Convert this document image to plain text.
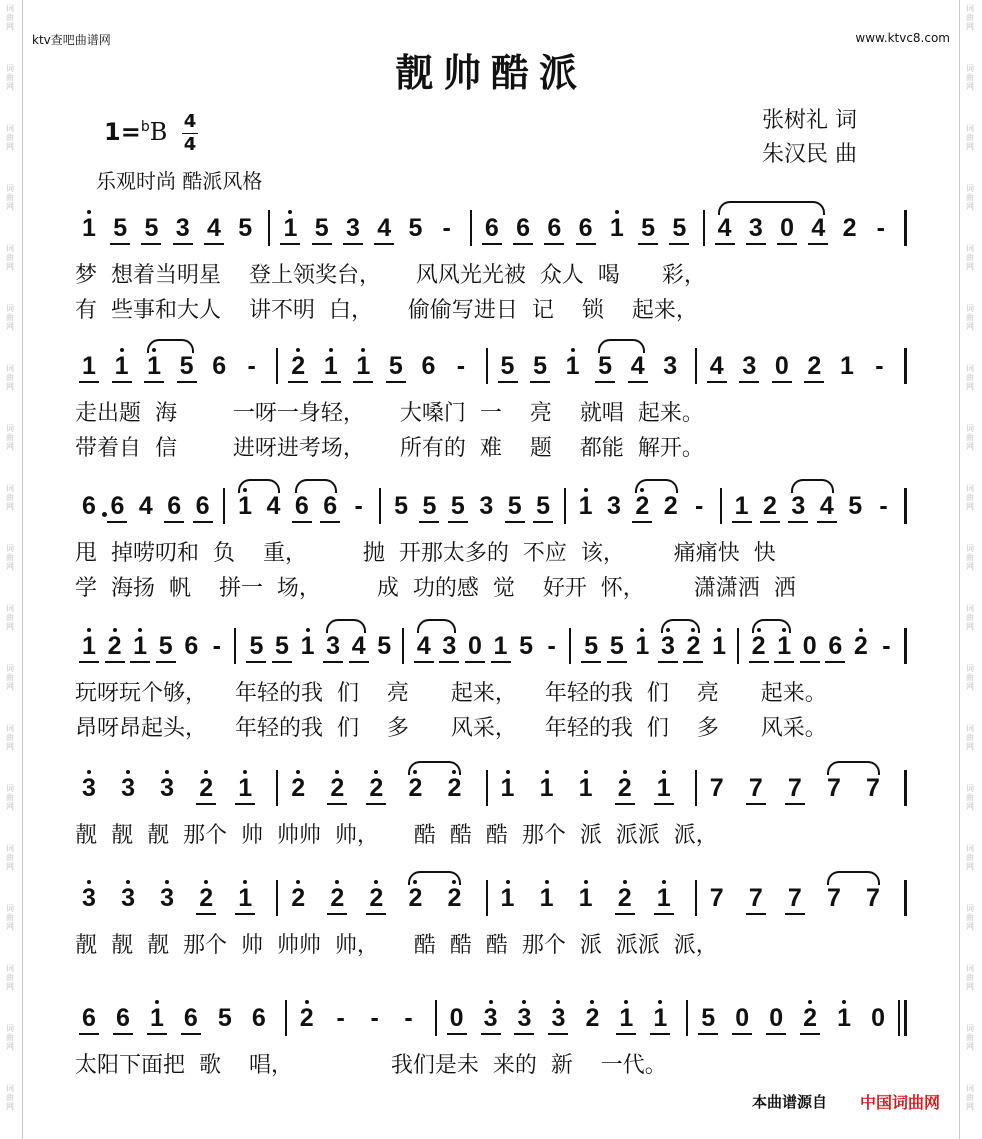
词
曲
网
词
曲
网
词
曲
网
词
曲
网
词
曲
网
词
曲
网
词
曲
网
词
曲
网
词
曲
网
词
曲
网
词
曲
网
词
曲
网
词
曲
网
词
曲
网
词
曲
网
词
曲
网
词
曲
网
词
曲
网
词
曲
网
词
曲
网
词
曲
网
词
曲
网
词
曲
网
词
曲
网
词
曲
网
词
曲
网
词
曲
网
词
曲
网
词
曲
网
词
曲
网
词
曲
网
词
曲
网
词
曲
网
词
曲
网
词
曲
网
词
曲
网
词
曲
网
词
曲
网
ktv查吧曲谱网	www.ktvc8.com
靓帅酷派
1=$^b$B 4
4
乐观时尚 酷派风格
张树礼 词
朱汉民 曲
1 5 5 3 4 5 1 5 3 4 5 - 6 6 6 6 1 5 5 4 3 0 4 2 -
梦  想着当明星    登上领奖台，     风风光光被  众人  喝      彩，
有  些事和大人    讲不明  白，     偷偷写进日  记    锁    起来，
1 1 1 5 6 - 2 1 1 5 6 - 5 5 1 5 4 3 4 3 0 2 1 -
走出题  海        一呀一身轻，     大嗓门  一    亮    就唱  起来。
带着自  信        进呀进考场，     所有的  难    题    都能  解开。
6 6 4 6 6 1 4 6 6 - 5 5 5 3 5 5 1 3 2 2 - 1 2 3 4 5 -
甩  掉唠叨和  负    重，        抛  开那太多的  不应  该，       痛痛快  快
学  海扬  帆    拼一  场，        成  功的感  觉    好开  怀，       潇潇洒  洒
1 2 1 5 6 - 5 5 1 3 4 5 4 3 0 1 5 - 5 5 1 3 2 1 2 1 0 6 2 -
玩呀玩个够，    年轻的我  们    亮      起来，    年轻的我  们    亮      起来。
昂呀昂起头，    年轻的我  们    多      风采，    年轻的我  们    多      风采。
3 3 3 2 1 2 2 2 2 2 1 1 1 2 1 7 7 7 7 7
靓  靓  靓  那个  帅  帅帅  帅，     酷  酷  酷  那个  派  派派  派，
3 3 3 2 1 2 2 2 2 2 1 1 1 2 1 7 7 7 7 7
靓  靓  靓  那个  帅  帅帅  帅，     酷  酷  酷  那个  派  派派  派，
6 6 1 6 5 6 2 - - - 0 3 3 3 2 1 1 5 0 0 2 1 0
太阳下面把  歌    唱，              我们是未  来的  新    一代。
本曲谱源自 中国词曲网
